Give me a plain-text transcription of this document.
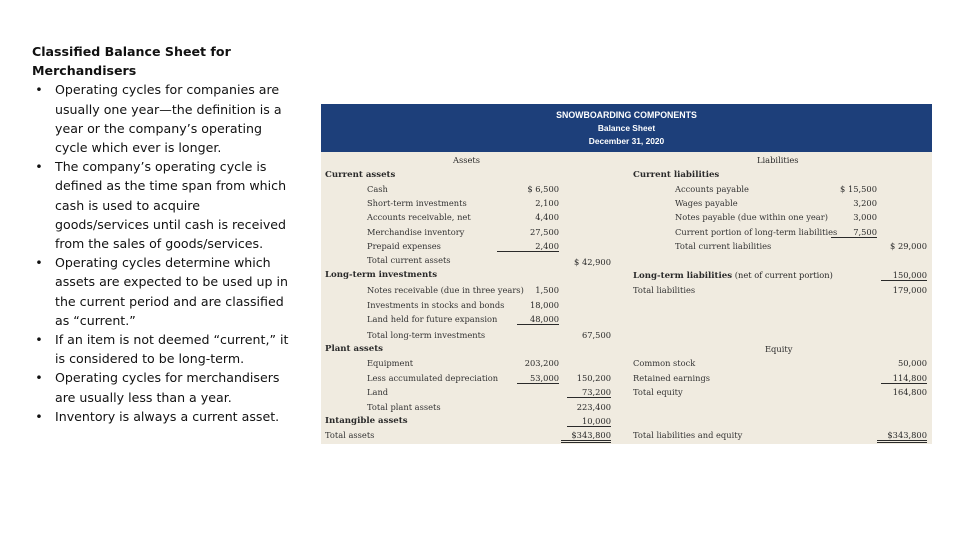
Classified Balance Sheet for Merchandisers
• Operating cycles for companies are usually one year—the definition is a year or the company’s operating cycle which ever is longer.
• The company’s operating cycle is defined as the time span from which cash is used to acquire goods/services until cash is received from the sales of goods/services.
• Operating cycles determine which assets are expected to be used up in the current period and are classified as “current.”
• If an item is not deemed “current,” it is considered to be long-term.
• Operating cycles for merchandisers are usually less than a year.
• Inventory is always a current asset.
SNOWBOARDING COMPONENTS
Balance Sheet
December 31, 2020
Assets	Liabilities
Current assets
Cash	$ 6,500
Short-term investments	2,100
Accounts receivable, net	4,400
Merchandise inventory	27,500
Prepaid expenses	2,400
Total current assets	$ 42,900
Long-term investments
Notes receivable (due in three years)	1,500
Investments in stocks and bonds	18,000
Land held for future expansion	48,000
Total long-term investments	67,500
Plant assets
Equipment	203,200
Less accumulated depreciation	53,000	150,200
Land	73,200
Total plant assets	223,400
Intangible assets	10,000
Total assets	$343,800
Current liabilities
Accounts payable	$ 15,500
Wages payable	3,200
Notes payable (due within one year)	3,000
Current portion of long-term liabilities	7,500
Total current liabilities	$ 29,000
Long-term liabilities (net of current portion)	150,000
Total liabilities	179,000
Equity
Common stock	50,000
Retained earnings	114,800
Total equity	164,800
Total liabilities and equity	$343,800
